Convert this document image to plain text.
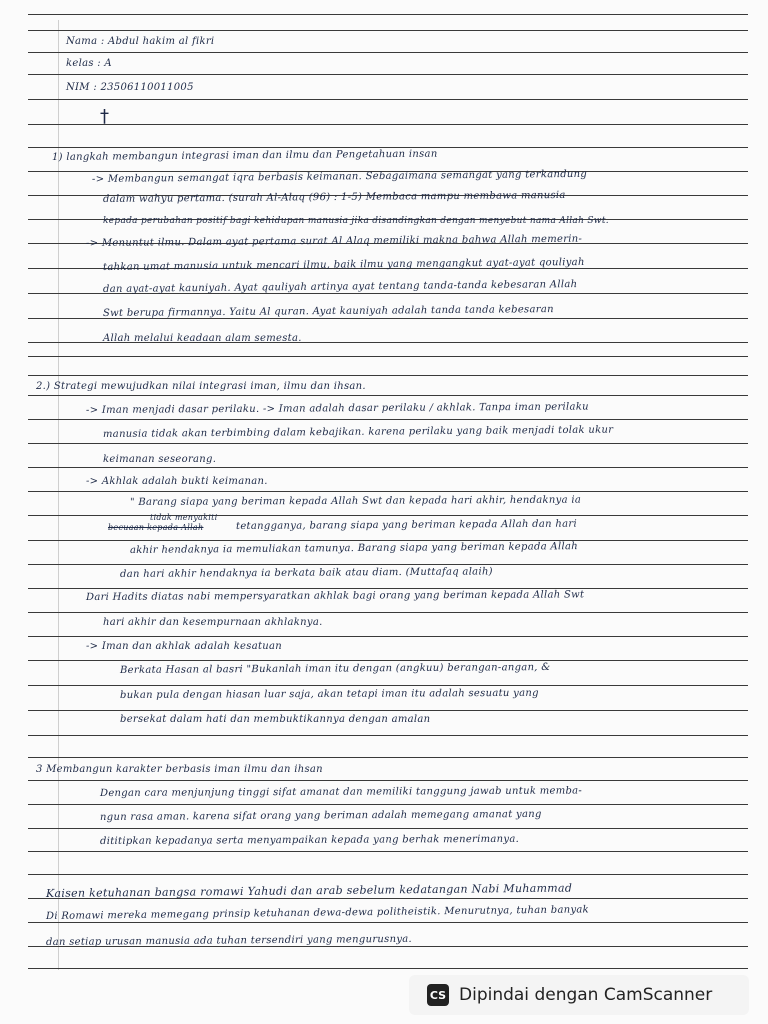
Nama : Abdul hakim al fikri
kelas : A
NIM : 23506110011005
†
1) langkah membangun integrasi iman dan ilmu dan Pengetahuan insan
-> Membangun semangat iqra berbasis keimanan. Sebagaimana semangat yang terkandung
dalam wahyu pertama. (surah Al-Alaq (96) : 1-5) Membaca mampu membawa manusia
kepada perubahan positif bagi kehidupan manusia jika disandingkan dengan menyebut nama Allah Swt.
-> Menuntut ilmu. Dalam ayat pertama surat Al Alaq memiliki makna bahwa Allah memerin-
tahkan umat manusia untuk mencari ilmu, baik ilmu yang mengangkut ayat-ayat qouliyah
dan ayat-ayat kauniyah. Ayat qauliyah artinya ayat tentang tanda-tanda kebesaran Allah
Swt berupa firmannya. Yaitu Al quran. Ayat kauniyah adalah tanda tanda kebesaran
Allah melalui keadaan alam semesta.
2.) Strategi mewujudkan nilai integrasi iman, ilmu dan ihsan.
-> Iman menjadi dasar perilaku. -> Iman adalah dasar perilaku / akhlak. Tanpa iman perilaku
manusia tidak akan terbimbing dalam kebajikan. karena perilaku yang baik menjadi tolak ukur
keimanan seseorang.
-> Akhlak adalah bukti keimanan.
" Barang siapa yang beriman kepada Allah Swt dan kepada hari akhir, hendaknya ia
tidak menyakiti
becuaan kepada Allah	tetangganya, barang siapa yang beriman kepada Allah dan hari
akhir hendaknya ia memuliakan tamunya. Barang siapa yang beriman kepada Allah
dan hari akhir hendaknya ia berkata baik atau diam. (Muttafaq alaih)
Dari Hadits diatas nabi mempersyaratkan akhlak bagi orang yang beriman kepada Allah Swt
hari akhir dan kesempurnaan akhlaknya.
-> Iman dan akhlak adalah kesatuan
Berkata Hasan al basri "Bukanlah iman itu dengan (angkuu) berangan-angan, &
bukan pula dengan hiasan luar saja, akan tetapi iman itu adalah sesuatu yang
bersekat dalam hati dan membuktikannya dengan amalan
3 Membangun karakter berbasis iman ilmu dan ihsan
Dengan cara menjunjung tinggi sifat amanat dan memiliki tanggung jawab untuk memba-
ngun rasa aman. karena sifat orang yang beriman adalah memegang amanat yang
dititipkan kepadanya serta menyampaikan kepada yang berhak menerimanya.
Kaisen ketuhanan bangsa romawi Yahudi dan arab sebelum kedatangan Nabi Muhammad
Di Romawi mereka memegang prinsip ketuhanan dewa-dewa politheistik. Menurutnya, tuhan banyak
dan setiap urusan manusia ada tuhan tersendiri yang mengurusnya.
CS Dipindai dengan CamScanner
